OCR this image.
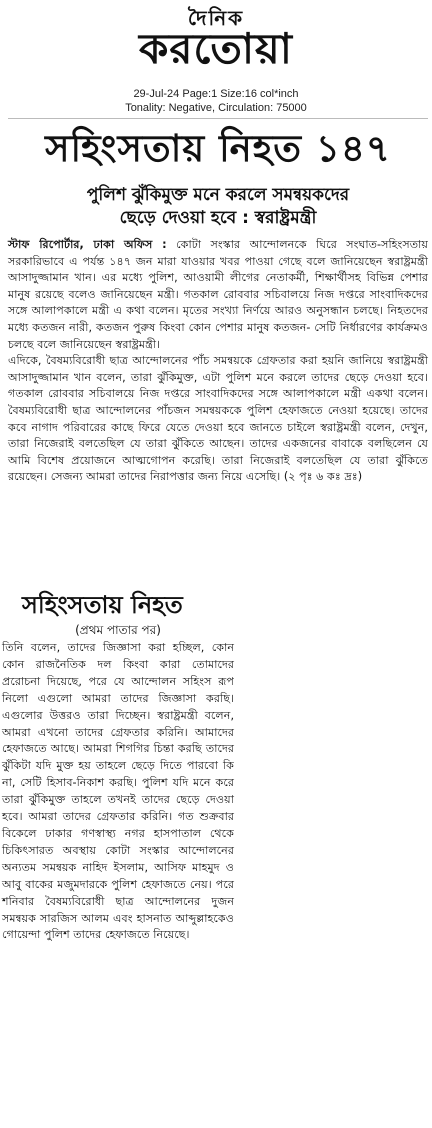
দৈনিক
করতোয়া
29-Jul-24 Page:1 Size:16 col*inch
Tonality: Negative, Circulation: 75000
সহিংসতায় নিহত ১৪৭
পুলিশ ঝুঁকিমুক্ত মনে করলে সমন্বয়কদের
ছেড়ে দেওয়া হবে : স্বরাষ্ট্রমন্ত্রী

স্টাফ রিপোর্টার, ঢাকা অফিস : কোটা সংস্কার আন্দোলনকে ঘিরে সংঘাত-সহিংসতায় সরকারিভাবে এ পর্যন্ত ১৪৭ জন মারা যাওয়ার খবর পাওয়া গেছে বলে জানিয়েছেন স্বরাষ্ট্রমন্ত্রী আসাদুজ্জামান খান। এর মধ্যে পুলিশ, আওয়ামী লীগের নেতাকর্মী, শিক্ষার্থীসহ বিভিন্ন পেশার মানুষ রয়েছে বলেও জানিয়েছেন মন্ত্রী। গতকাল রোববার সচিবালয়ে নিজ দপ্তরে সাংবাদিকদের সঙ্গে আলাপকালে মন্ত্রী এ কথা বলেন। মৃতের সংখ্যা নির্ণয়ে আরও অনুসন্ধান চলছে। নিহতদের মধ্যে কতজন নারী, কতজন পুরুষ কিংবা কোন পেশার মানুষ কতজন- সেটি নির্ধারণের কার্যক্রমও চলছে বলে জানিয়েছেন স্বরাষ্ট্রমন্ত্রী।

এদিকে, বৈষম্যবিরোধী ছাত্র আন্দোলনের পাঁচ সমন্বয়কে গ্রেফতার করা হয়নি জানিয়ে স্বরাষ্ট্রমন্ত্রী আসাদুজ্জামান খান বলেন, তারা ঝুঁকিমুক্ত, এটা পুলিশ মনে করলে তাদের ছেড়ে দেওয়া হবে। গতকাল রোববার সচিবালয়ে নিজ দপ্তরে সাংবাদিকদের সঙ্গে আলাপকালে মন্ত্রী একথা বলেন। বৈষম্যবিরোধী ছাত্র আন্দোলনের পাঁচজন সমন্বয়ককে পুলিশ হেফাজতে নেওয়া হয়েছে। তাদের কবে নাগাদ পরিবারের কাছে ফিরে যেতে দেওয়া হবে জানতে চাইলে স্বরাষ্ট্রমন্ত্রী বলেন, দেখুন, তারা নিজেরাই বলতেছিল যে তারা ঝুঁকিতে আছেন। তাদের একজনের বাবাকে বলছিলেন যে আমি বিশেষ প্রয়োজনে আত্মগোপন করেছি। তারা নিজেরাই বলতেছিল যে তারা ঝুঁকিতে রয়েছেন। সেজন্য আমরা তাদের নিরাপত্তার জন্য নিয়ে এসেছি। (২ পৃঃ ৬ কঃ দ্রঃ)

সহিংসতায় নিহত
(প্রথম পাতার পর)

তিনি বলেন, তাদের জিজ্ঞাসা করা হচ্ছিল, কোন কোন রাজনৈতিক দল কিংবা কারা তোমাদের প্ররোচনা দিয়েছে, পরে যে আন্দোলন সহিংস রূপ নিলো এগুলো আমরা তাদের জিজ্ঞাসা করছি। এগুলোর উত্তরও তারা দিচ্ছেন। স্বরাষ্ট্রমন্ত্রী বলেন, আমরা এখনো তাদের গ্রেফতার করিনি। আমাদের হেফাজতে আছে। আমরা শিগগির চিন্তা করছি তাদের ঝুঁকিটা যদি মুক্ত হয় তাহলে ছেড়ে দিতে পারবো কি না, সেটি হিসাব-নিকাশ করছি। পুলিশ যদি মনে করে তারা ঝুঁকিমুক্ত তাহলে তখনই তাদের ছেড়ে দেওয়া হবে। আমরা তাদের গ্রেফতার করিনি। গত শুক্রবার বিকেলে ঢাকার গণস্বাস্থ্য নগর হাসপাতাল থেকে চিকিৎসারত অবস্থায় কোটা সংস্কার আন্দোলনের অন্যতম সমন্বয়ক নাহিদ ইসলাম, আসিফ মাহমুদ ও আবু বাকের মজুমদারকে পুলিশ হেফাজতে নেয়। পরে শনিবার বৈষম্যবিরোধী ছাত্র আন্দোলনের দুজন সমন্বয়ক সারজিস আলম এবং হাসনাত আব্দুল্লাহকেও গোয়েন্দা পুলিশ তাদের হেফাজতে নিয়েছে।
